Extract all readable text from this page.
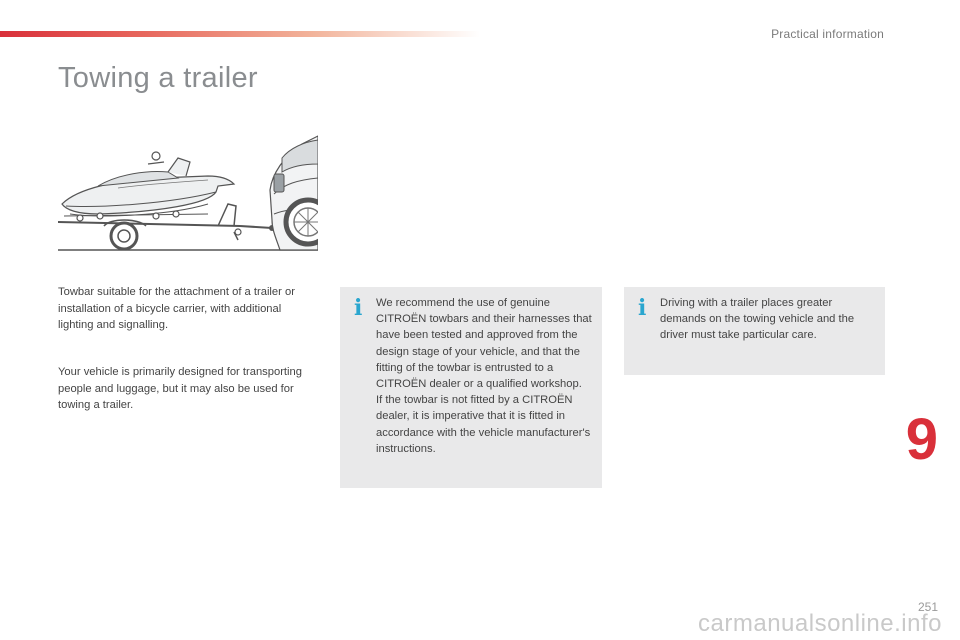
Practical information
Towing a trailer

Towbar suitable for the attachment of a trailer or installation of a bicycle carrier, with additional lighting and signalling.

Your vehicle is primarily designed for transporting people and luggage, but it may also be used for towing a trailer.

i We recommend the use of genuine CITROËN towbars and their harnesses that have been tested and approved from the design stage of your vehicle, and that the fitting of the towbar is entrusted to a CITROËN dealer or a qualified workshop.
If the towbar is not fitted by a CITROËN dealer, it is imperative that it is fitted in accordance with the vehicle manufacturer's instructions.
i Driving with a trailer places greater demands on the towing vehicle and the driver must take particular care.
9
carmanualsonline.info
251
